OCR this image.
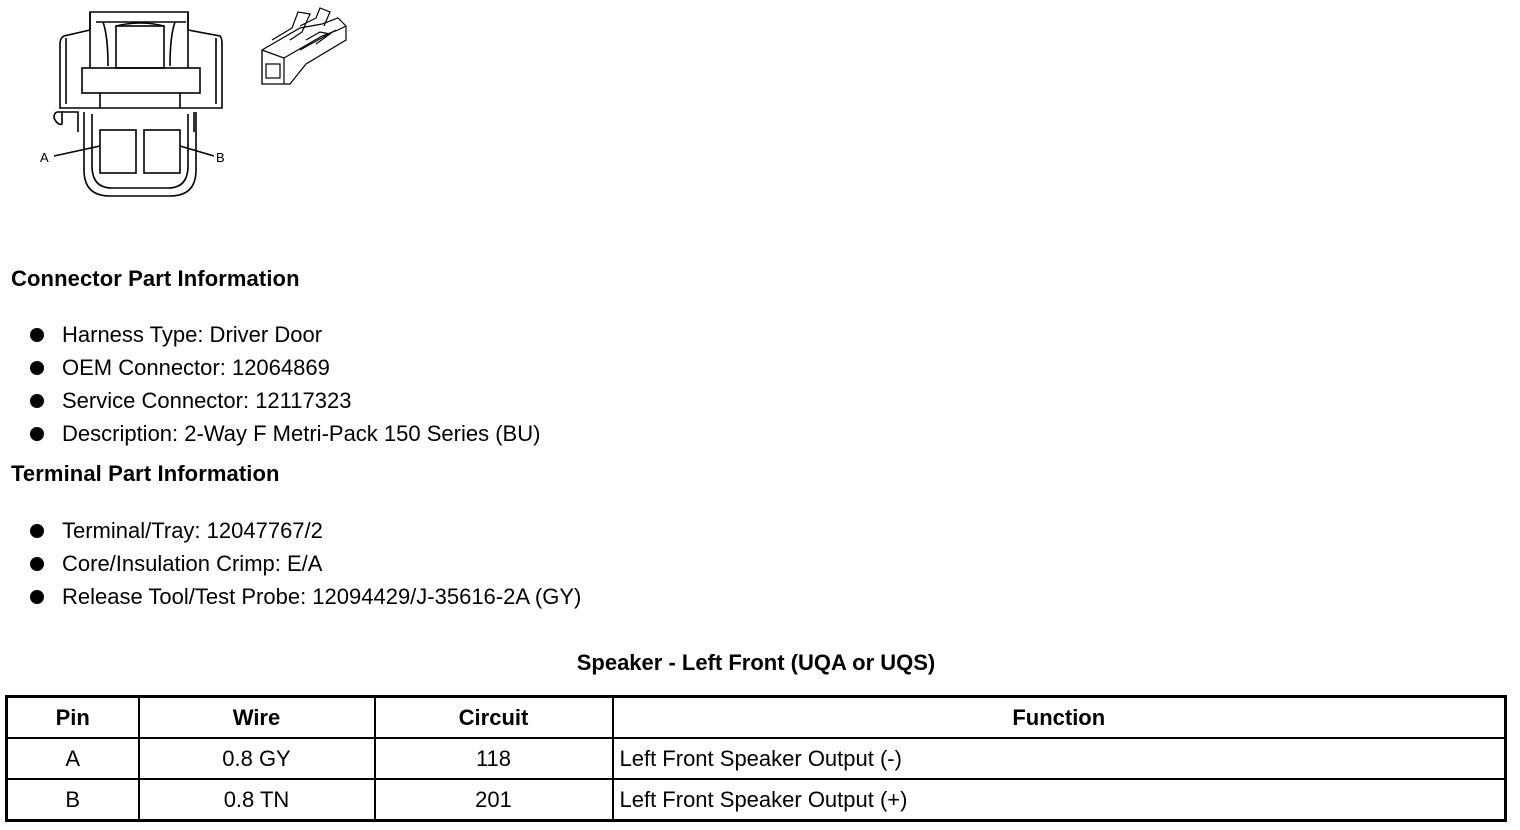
A	B
Connector Part Information
Harness Type: Driver Door
OEM Connector: 12064869
Service Connector: 12117323
Description: 2-Way F Metri-Pack 150 Series (BU)
Terminal Part Information
Terminal/Tray: 12047767/2
Core/Insulation Crimp: E/A
Release Tool/Test Probe: 12094429/J-35616-2A (GY)
Speaker - Left Front (UQA or UQS)
Pin	Wire	Circuit	Function
A	0.8 GY	118	Left Front Speaker Output (-)
B	0.8 TN	201	Left Front Speaker Output (+)
